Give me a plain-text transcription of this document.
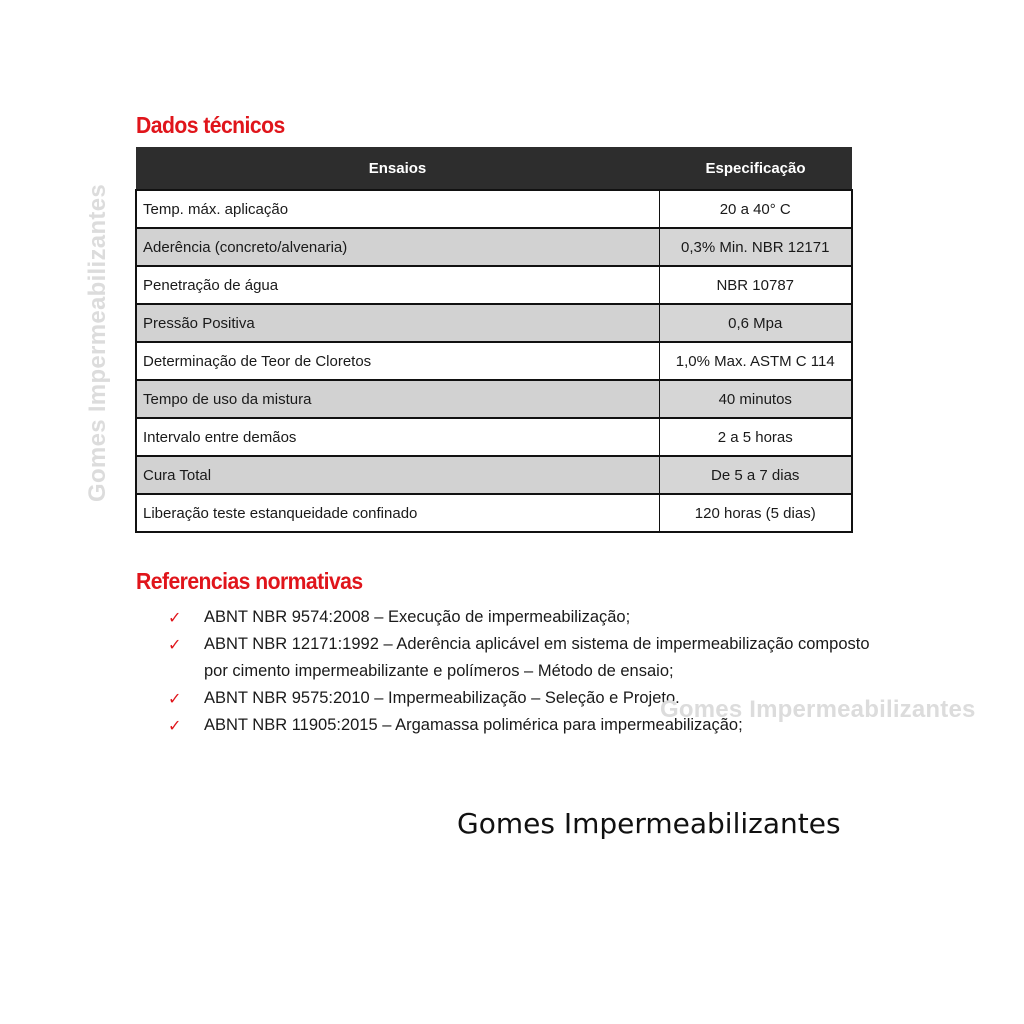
Gomes Impermeabilizantes
Dados técnicos
Ensaios	Especificação
Temp. máx. aplicação	20 a 40° C
Aderência (concreto/alvenaria)	0,3% Min. NBR 12171
Penetração de água	NBR 10787
Pressão Positiva	0,6 Mpa
Determinação de Teor de Cloretos	1,0% Max. ASTM C 114
Tempo de uso da mistura	40 minutos
Intervalo entre demãos	2 a 5 horas
Cura Total	De 5 a 7 dias
Liberação teste estanqueidade confinado	120 horas (5 dias)
Referencias normativas
✓ ABNT NBR 9574:2008 – Execução de impermeabilização;
✓ ABNT NBR 12171:1992 – Aderência aplicável em sistema de impermeabilização composto por cimento impermeabilizante e polímeros – Método de ensaio;
✓ ABNT NBR 9575:2010 – Impermeabilização – Seleção e Projeto.
✓ ABNT NBR 11905:2015 – Argamassa polimérica para impermeabilização;
Gomes Impermeabilizantes
Gomes Impermeabilizantes
